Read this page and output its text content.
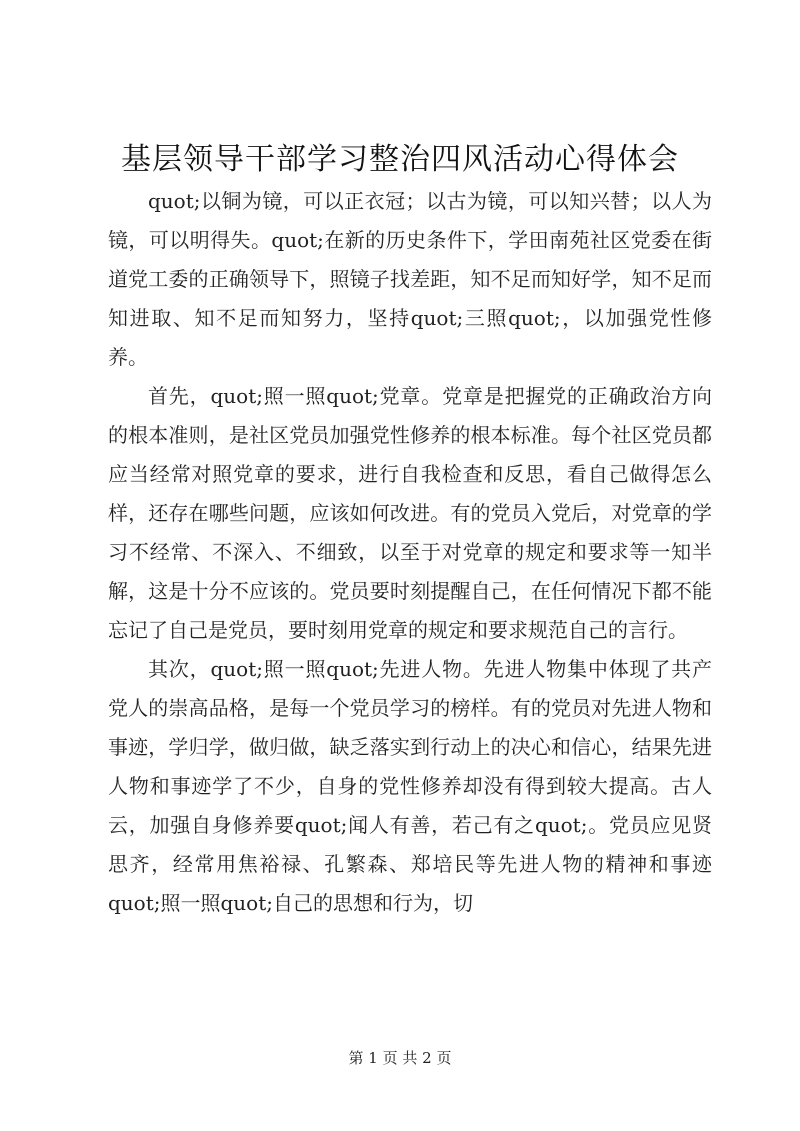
基层领导干部学习整治四风活动心得体会

quot;以铜为镜，可以正衣冠；以古为镜，可以知兴替；以人为镜，可以明得失。quot;在新的历史条件下，学田南苑社区党委在街道党工委的正确领导下，照镜子找差距，知不足而知好学，知不足而知进取、知不足而知努力，坚持quot;三照quot;，以加强党性修养。

首先，quot;照一照quot;党章。党章是把握党的正确政治方向的根本准则，是社区党员加强党性修养的根本标准。每个社区党员都应当经常对照党章的要求，进行自我检查和反思，看自己做得怎么样，还存在哪些问题，应该如何改进。有的党员入党后，对党章的学习不经常、不深入、不细致，以至于对党章的规定和要求等一知半解，这是十分不应该的。党员要时刻提醒自己，在任何情况下都不能忘记了自己是党员，要时刻用党章的规定和要求规范自己的言行。

其次，quot;照一照quot;先进人物。先进人物集中体现了共产党人的崇高品格，是每一个党员学习的榜样。有的党员对先进人物和事迹，学归学，做归做，缺乏落实到行动上的决心和信心，结果先进人物和事迹学了不少，自身的党性修养却没有得到较大提高。古人云，加强自身修养要quot;闻人有善，若己有之quot;。党员应见贤思齐，经常用焦裕禄、孔繁森、郑培民等先进人物的精神和事迹quot;照一照quot;自己的思想和行为，切

第 1 页 共 2 页
